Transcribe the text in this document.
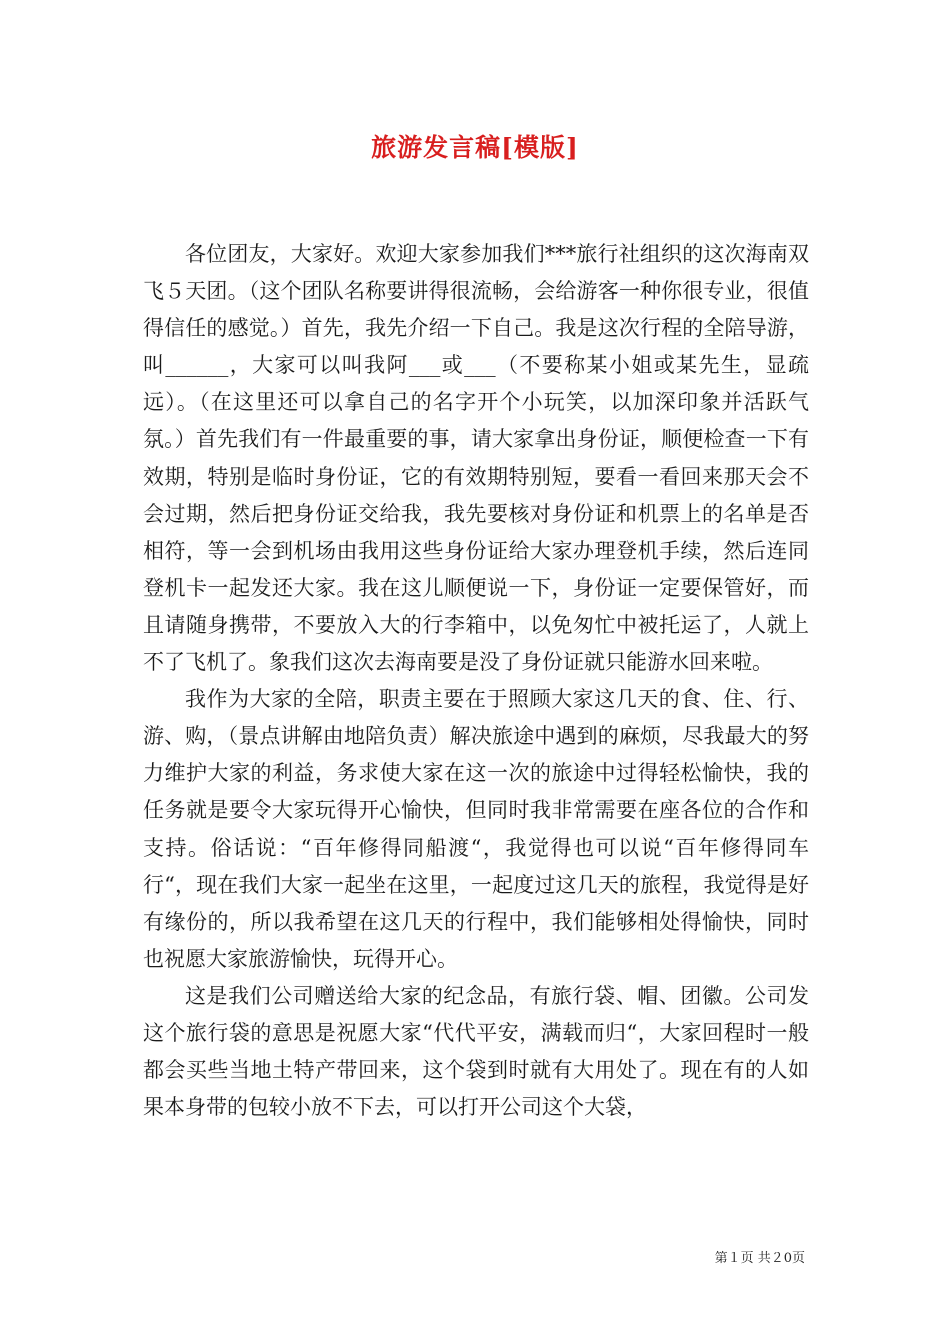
旅游发言稿[模版]

各位团友，大家好。欢迎大家参加我们***旅行社组织的这次海南双飞５天团。（这个团队名称要讲得很流畅，会给游客一种你很专业，很值得信任的感觉。）首先，我先介绍一下自己。我是这次行程的全陪导游，叫______，大家可以叫我阿___或___（不要称某小姐或某先生，显疏远）。（在这里还可以拿自己的名字开个小玩笑，以加深印象并活跃气氛。）首先我们有一件最重要的事，请大家拿出身份证，顺便检查一下有效期，特别是临时身份证，它的有效期特别短，要看一看回来那天会不会过期，然后把身份证交给我，我先要核对身份证和机票上的名单是否相符，等一会到机场由我用这些身份证给大家办理登机手续，然后连同登机卡一起发还大家。我在这儿顺便说一下，身份证一定要保管好，而且请随身携带，不要放入大的行李箱中，以免匆忙中被托运了，人就上不了飞机了。象我们这次去海南要是没了身份证就只能游水回来啦。

我作为大家的全陪，职责主要在于照顾大家这几天的食、住、行、游、购，（景点讲解由地陪负责）解决旅途中遇到的麻烦，尽我最大的努力维护大家的利益，务求使大家在这一次的旅途中过得轻松愉快，我的任务就是要令大家玩得开心愉快，但同时我非常需要在座各位的合作和支持。俗话说：“百年修得同船渡“，我觉得也可以说“百年修得同车行“，现在我们大家一起坐在这里，一起度过这几天的旅程，我觉得是好有缘份的，所以我希望在这几天的行程中，我们能够相处得愉快，同时也祝愿大家旅游愉快，玩得开心。

这是我们公司赠送给大家的纪念品，有旅行袋、帽、团徽。公司发这个旅行袋的意思是祝愿大家“代代平安，满载而归“，大家回程时一般都会买些当地土特产带回来，这个袋到时就有大用处了。现在有的人如果本身带的包较小放不下去，可以打开公司这个大袋，

第１页 共２0页
